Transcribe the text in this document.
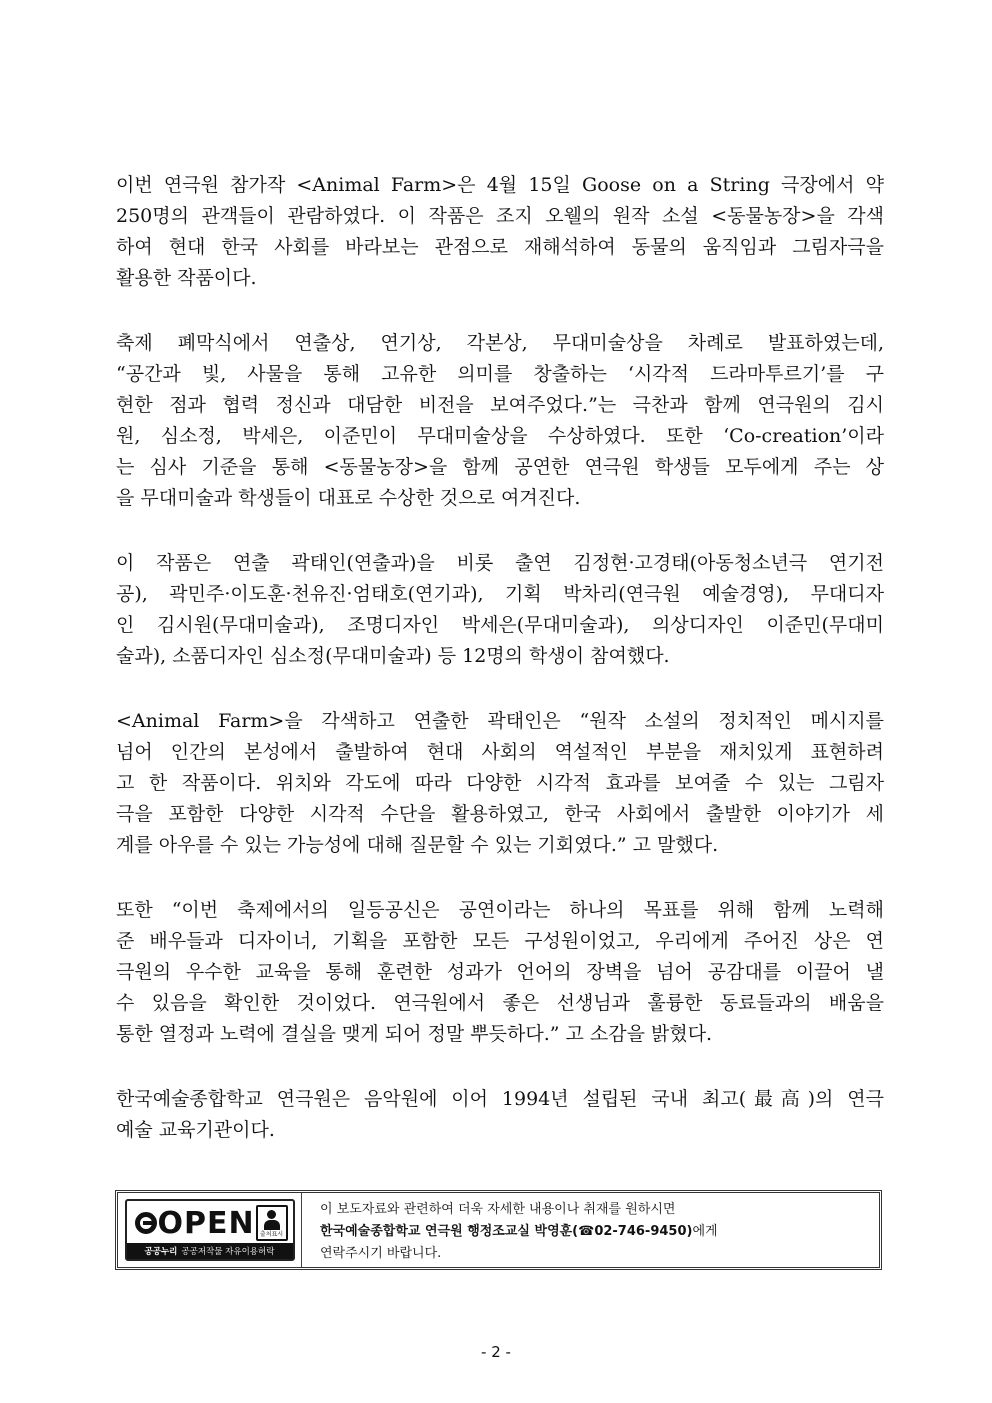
이번 연극원 참가작 <Animal Farm>은 4월 15일 Goose on a String 극장에서 약
250명의 관객들이 관람하였다. 이 작품은 조지 오웰의 원작 소설 <동물농장>을 각색
하여 현대 한국 사회를 바라보는 관점으로 재해석하여 동물의 움직임과 그림자극을
활용한 작품이다.
축제 폐막식에서 연출상, 연기상, 각본상, 무대미술상을 차례로 발표하였는데,
“공간과 빛, 사물을 통해 고유한 의미를 창출하는 ‘시각적 드라마투르기’를 구
현한 점과 협력 정신과 대담한 비전을 보여주었다.”는 극찬과 함께 연극원의 김시
원, 심소정, 박세은, 이준민이 무대미술상을 수상하였다. 또한 ‘Co-creation’이라
는 심사 기준을 통해 <동물농장>을 함께 공연한 연극원 학생들 모두에게 주는 상
을 무대미술과 학생들이 대표로 수상한 것으로 여겨진다.
이 작품은 연출 곽태인(연출과)을 비롯 출연 김정현·고경태(아동청소년극 연기전
공), 곽민주·이도훈·천유진·엄태호(연기과), 기획 박차리(연극원 예술경영), 무대디자
인 김시원(무대미술과), 조명디자인 박세은(무대미술과), 의상디자인 이준민(무대미
술과), 소품디자인 심소정(무대미술과) 등 12명의 학생이 참여했다.
<Animal Farm>을 각색하고 연출한 곽태인은 “원작 소설의 정치적인 메시지를
넘어 인간의 본성에서 출발하여 현대 사회의 역설적인 부분을 재치있게 표현하려
고 한 작품이다. 위치와 각도에 따라 다양한 시각적 효과를 보여줄 수 있는 그림자
극을 포함한 다양한 시각적 수단을 활용하였고, 한국 사회에서 출발한 이야기가 세
계를 아우를 수 있는 가능성에 대해 질문할 수 있는 기회였다.” 고 말했다.
또한 “이번 축제에서의 일등공신은 공연이라는 하나의 목표를 위해 함께 노력해
준 배우들과 디자이너, 기획을 포함한 모든 구성원이었고, 우리에게 주어진 상은 연
극원의 우수한 교육을 통해 훈련한 성과가 언어의 장벽을 넘어 공감대를 이끌어 낼
수 있음을 확인한 것이었다. 연극원에서 좋은 선생님과 훌륭한 동료들과의 배움을
통한 열정과 노력에 결실을 맺게 되어 정말 뿌듯하다.” 고 소감을 밝혔다.
한국예술종합학교 연극원은 음악원에 이어 1994년 설립된 국내 최고(最高)의 연극
예술 교육기관이다.
OPEN 출처표시
공공누리 공공저작물 자유이용허락
이 보도자료와 관련하여 더욱 자세한 내용이나 취재를 원하시면
한국예술종합학교 연극원 행정조교실 박영훈(☎02-746-9450)에게
연락주시기 바랍니다.
- 2 -
